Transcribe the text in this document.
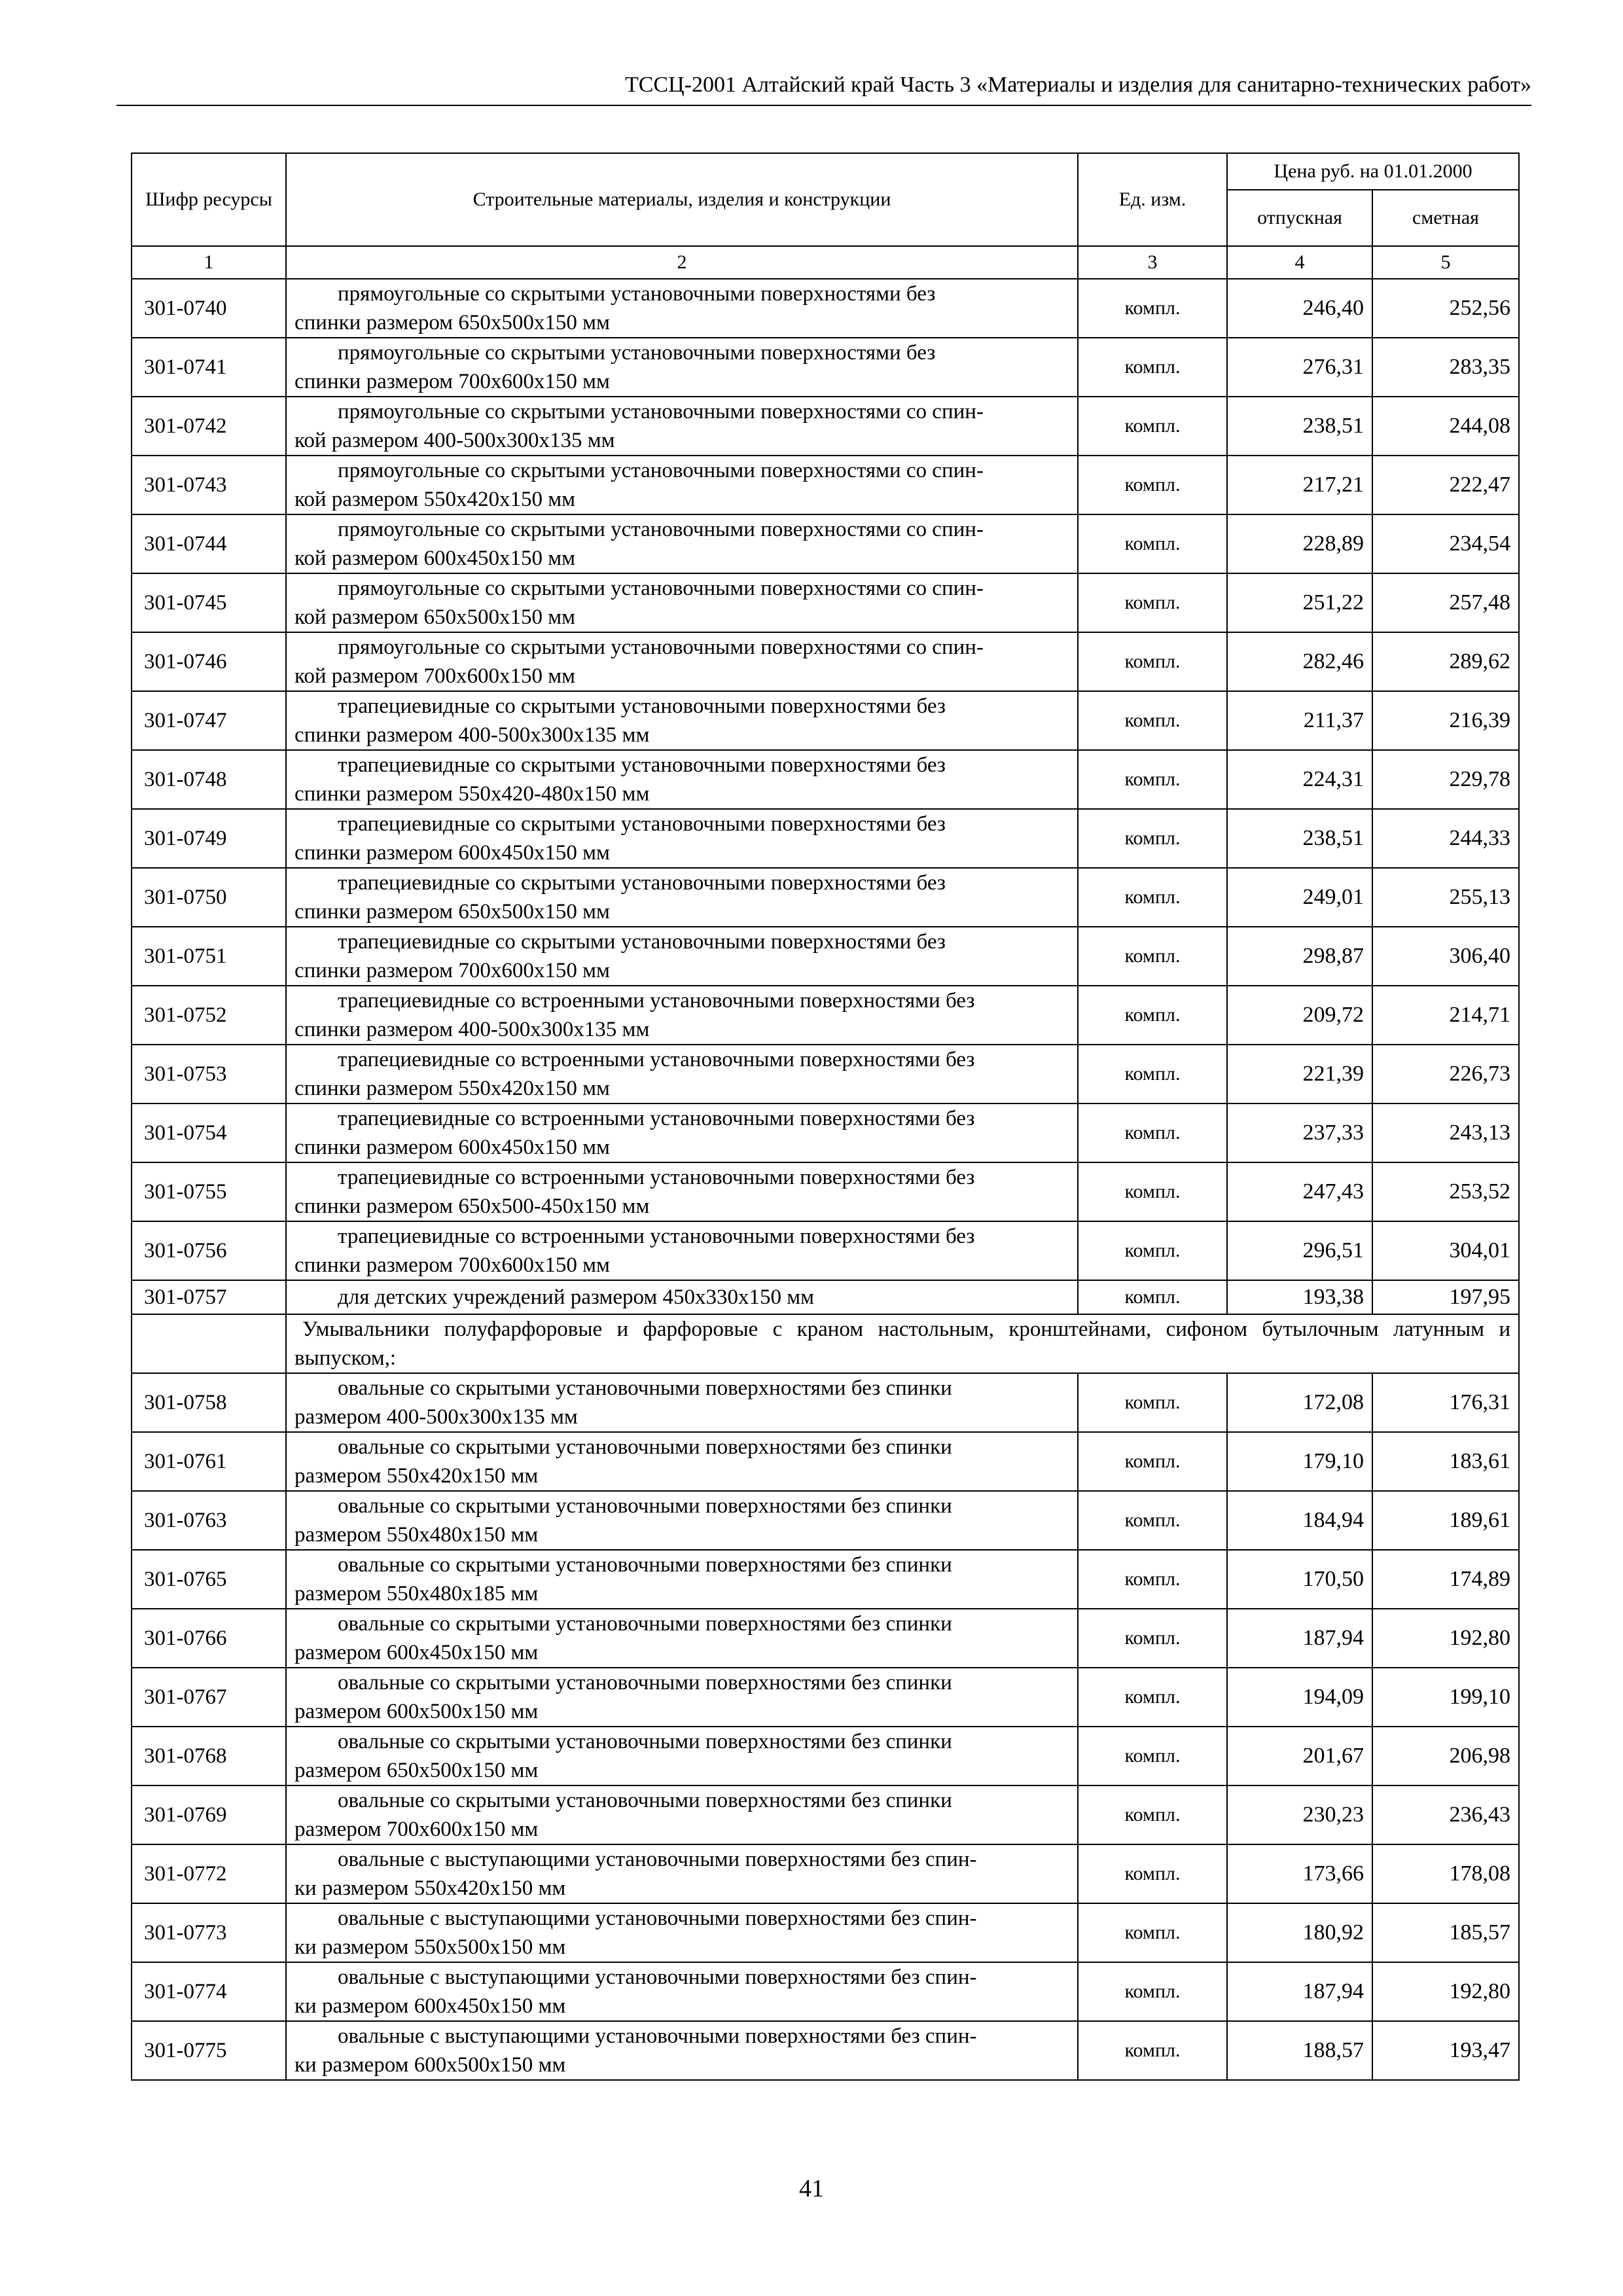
ТССЦ-2001 Алтайский край Часть 3 «Материалы и изделия для санитарно-технических работ»
Шифр ресурсы	Строительные материалы, изделия и конструкции	Ед. изм.	Цена руб. на 01.01.2000	
			отпускная	сметная
1	2	3	4	5
301-0740	прямоугольные со скрытыми установочными поверхностями без
спинки размером 650х500х150 мм	компл.	246,40	252,56
301-0741	прямоугольные со скрытыми установочными поверхностями без
спинки размером 700х600х150 мм	компл.	276,31	283,35
301-0742	прямоугольные со скрытыми установочными поверхностями со спин-
кой размером 400-500х300х135 мм	компл.	238,51	244,08
301-0743	прямоугольные со скрытыми установочными поверхностями со спин-
кой размером 550х420х150 мм	компл.	217,21	222,47
301-0744	прямоугольные со скрытыми установочными поверхностями со спин-
кой размером 600х450х150 мм	компл.	228,89	234,54
301-0745	прямоугольные со скрытыми установочными поверхностями со спин-
кой размером 650х500х150 мм	компл.	251,22	257,48
301-0746	прямоугольные со скрытыми установочными поверхностями со спин-
кой размером 700х600х150 мм	компл.	282,46	289,62
301-0747	трапециевидные со скрытыми установочными поверхностями без
спинки размером 400-500х300х135 мм	компл.	211,37	216,39
301-0748	трапециевидные со скрытыми установочными поверхностями без
спинки размером 550х420-480х150 мм	компл.	224,31	229,78
301-0749	трапециевидные со скрытыми установочными поверхностями без
спинки размером 600х450х150 мм	компл.	238,51	244,33
301-0750	трапециевидные со скрытыми установочными поверхностями без
спинки размером 650х500х150 мм	компл.	249,01	255,13
301-0751	трапециевидные со скрытыми установочными поверхностями без
спинки размером 700х600х150 мм	компл.	298,87	306,40
301-0752	трапециевидные со встроенными установочными поверхностями без
спинки размером 400-500х300х135 мм	компл.	209,72	214,71
301-0753	трапециевидные со встроенными установочными поверхностями без
спинки размером 550х420х150 мм	компл.	221,39	226,73
301-0754	трапециевидные со встроенными установочными поверхностями без
спинки размером 600х450х150 мм	компл.	237,33	243,13
301-0755	трапециевидные со встроенными установочными поверхностями без
спинки размером 650х500-450х150 мм	компл.	247,43	253,52
301-0756	трапециевидные со встроенными установочными поверхностями без
спинки размером 700х600х150 мм	компл.	296,51	304,01
301-0757	для детских учреждений размером 450х330х150 мм	компл.	193,38	197,95
	Умывальники полуфарфоровые и фарфоровые с краном настольным, кронштейнами, сифоном бутылочным латунным и выпуском,:			
301-0758	овальные со скрытыми установочными поверхностями без спинки
размером 400-500х300х135 мм	компл.	172,08	176,31
301-0761	овальные со скрытыми установочными поверхностями без спинки
размером 550х420х150 мм	компл.	179,10	183,61
301-0763	овальные со скрытыми установочными поверхностями без спинки
размером 550х480х150 мм	компл.	184,94	189,61
301-0765	овальные со скрытыми установочными поверхностями без спинки
размером 550х480х185 мм	компл.	170,50	174,89
301-0766	овальные со скрытыми установочными поверхностями без спинки
размером 600х450х150 мм	компл.	187,94	192,80
301-0767	овальные со скрытыми установочными поверхностями без спинки
размером 600х500х150 мм	компл.	194,09	199,10
301-0768	овальные со скрытыми установочными поверхностями без спинки
размером 650х500х150 мм	компл.	201,67	206,98
301-0769	овальные со скрытыми установочными поверхностями без спинки
размером 700х600х150 мм	компл.	230,23	236,43
301-0772	овальные с выступающими установочными поверхностями без спин-
ки размером 550х420х150 мм	компл.	173,66	178,08
301-0773	овальные с выступающими установочными поверхностями без спин-
ки размером 550х500х150 мм	компл.	180,92	185,57
301-0774	овальные с выступающими установочными поверхностями без спин-
ки размером 600х450х150 мм	компл.	187,94	192,80
301-0775	овальные с выступающими установочными поверхностями без спин-
ки размером 600х500х150 мм	компл.	188,57	193,47
41
